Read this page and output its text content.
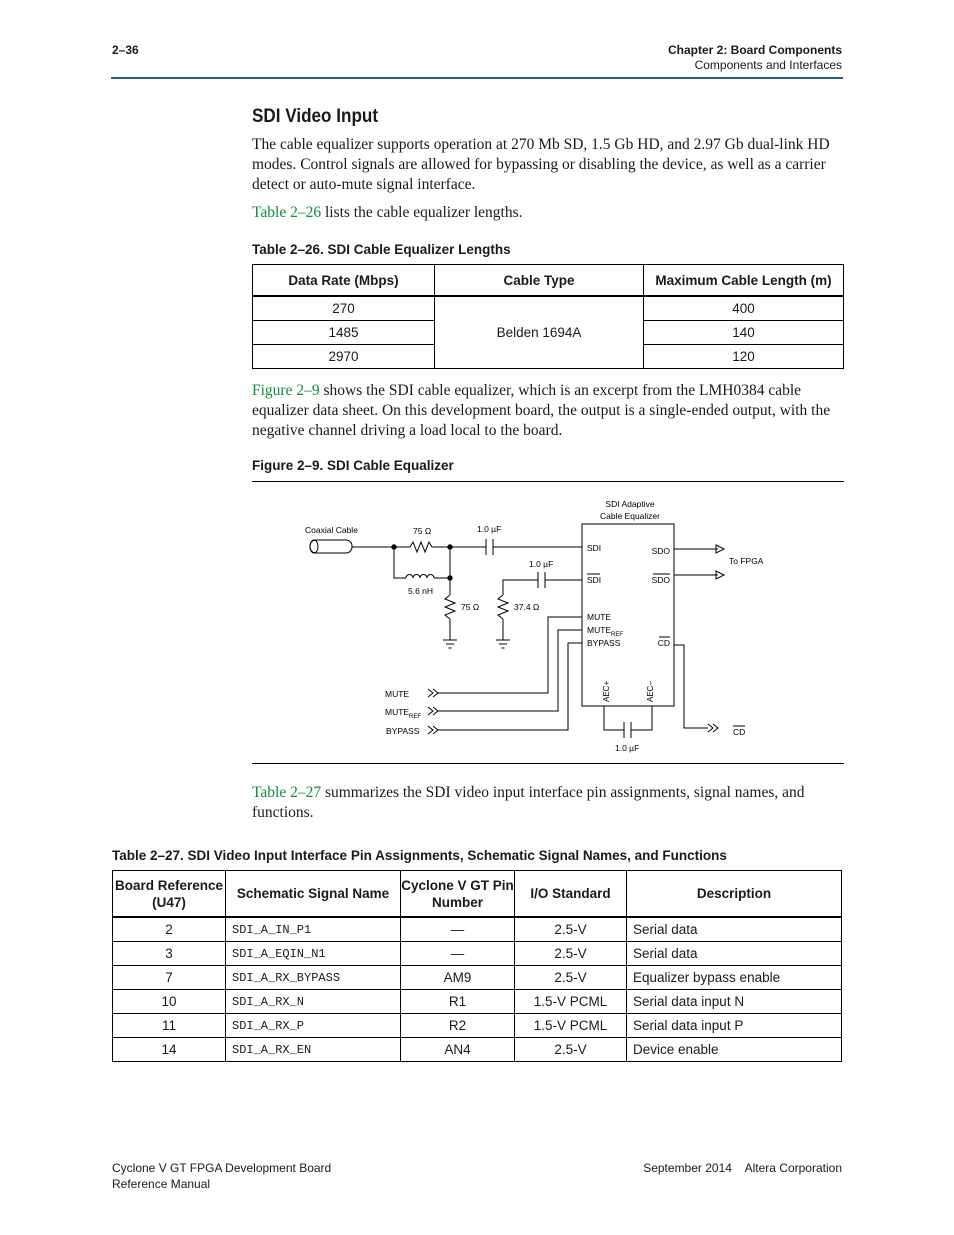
2–36	Chapter 2: Board Components
Components and Interfaces
SDI Video Input
The cable equalizer supports operation at 270 Mb SD, 1.5 Gb HD, and 2.97 Gb dual-link HD modes. Control signals are allowed for bypassing or disabling the device, as well as a carrier detect or auto-mute signal interface.
Table 2–26 lists the cable equalizer lengths.
Table 2–26. SDI Cable Equalizer Lengths
Data Rate (Mbps)	Cable Type	Maximum Cable Length (m)
270	Belden 1694A	400
1485		140
2970		120
Figure 2–9 shows the SDI cable equalizer, which is an excerpt from the LMH0384 cable equalizer data sheet. On this development board, the output is a single-ended output, with the negative channel driving a load local to the board.
Figure 2–9. SDI Cable Equalizer
SDI Adaptive
Cable Equalizer
Coaxial Cable	75 Ω	1.0 µF
5.6 nH
75 Ω
1.0 µF
37.4 Ω
SDI
SDI
MUTE
MUTE REF
BYPASS
SDO
SDO
CD
AEC+	AEC–
To FPGA
CD
1.0 µF
MUTE
MUTE REF
BYPASS
Table 2–27 summarizes the SDI video input interface pin assignments, signal names, and functions.
Table 2–27. SDI Video Input Interface Pin Assignments, Schematic Signal Names, and Functions
Board Reference (U47)	Schematic Signal Name	Cyclone V GT Pin Number	I/O Standard	Description
2	SDI_A_IN_P1	—	2.5-V	Serial data
3	SDI_A_EQIN_N1	—	2.5-V	Serial data
7	SDI_A_RX_BYPASS	AM9	2.5-V	Equalizer bypass enable
10	SDI_A_RX_N	R1	1.5-V PCML	Serial data input N
11	SDI_A_RX_P	R2	1.5-V PCML	Serial data input P
14	SDI_A_RX_EN	AN4	2.5-V	Device enable
Cyclone V GT FPGA Development Board
Reference Manual
September 2014    Altera Corporation
